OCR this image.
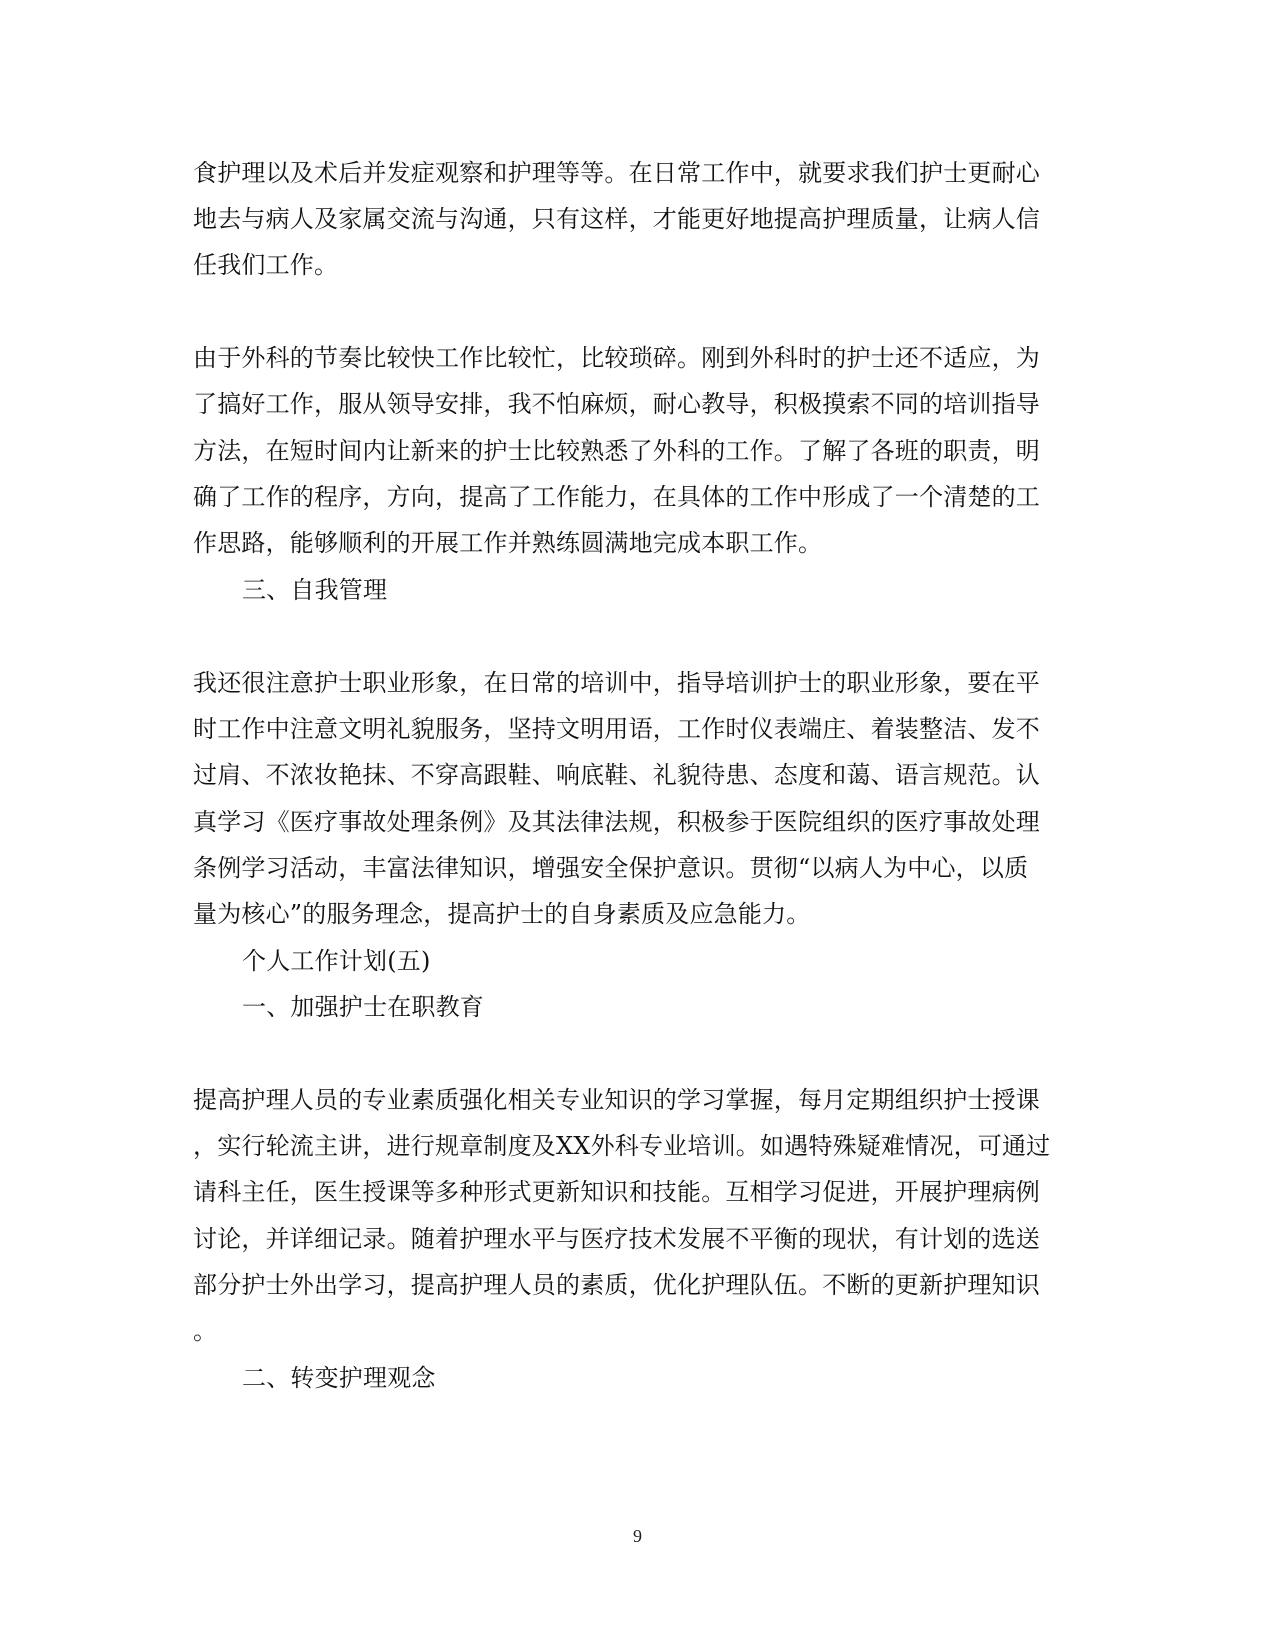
食护理以及术后并发症观察和护理等等。在日常工作中，就要求我们护士更耐心
地去与病人及家属交流与沟通，只有这样，才能更好地提高护理质量，让病人信
任我们工作。
由于外科的节奏比较快工作比较忙，比较琐碎。刚到外科时的护士还不适应，为
了搞好工作，服从领导安排，我不怕麻烦，耐心教导，积极摸索不同的培训指导
方法，在短时间内让新来的护士比较熟悉了外科的工作。了解了各班的职责，明
确了工作的程序，方向，提高了工作能力，在具体的工作中形成了一个清楚的工
作思路，能够顺利的开展工作并熟练圆满地完成本职工作。
三、自我管理
我还很注意护士职业形象，在日常的培训中，指导培训护士的职业形象，要在平
时工作中注意文明礼貌服务，坚持文明用语，工作时仪表端庄、着装整洁、发不
过肩、不浓妆艳抹、不穿高跟鞋、响底鞋、礼貌待患、态度和蔼、语言规范。认
真学习《医疗事故处理条例》及其法律法规，积极参于医院组织的医疗事故处理
条例学习活动，丰富法律知识，增强安全保护意识。贯彻“以病人为中心，以质
量为核心”的服务理念，提高护士的自身素质及应急能力。
个人工作计划(五)
一、加强护士在职教育
提高护理人员的专业素质强化相关专业知识的学习掌握，每月定期组织护士授课
，实行轮流主讲，进行规章制度及XX外科专业培训。如遇特殊疑难情况，可通过
请科主任，医生授课等多种形式更新知识和技能。互相学习促进，开展护理病例
讨论，并详细记录。随着护理水平与医疗技术发展不平衡的现状，有计划的选送
部分护士外出学习，提高护理人员的素质，优化护理队伍。不断的更新护理知识
。
二、转变护理观念
9
